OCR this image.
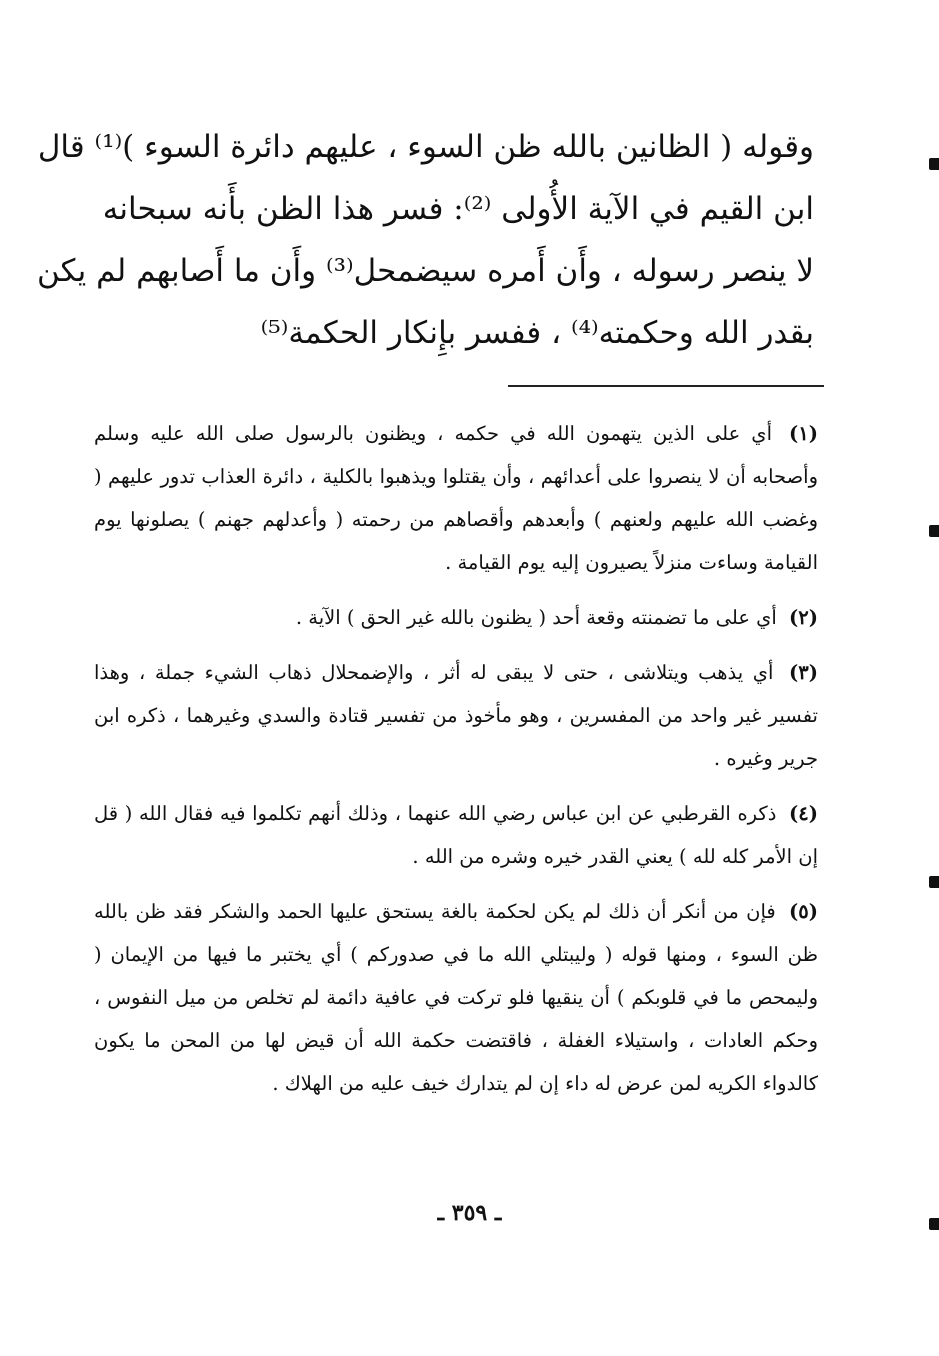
وقوله ( الظانين بالله ظن السوء ، عليهم دائرة السوء )⁽¹⁾ قال
ابن القيم في الآية الأُولى ⁽²⁾: فسر هذا الظن بأَنه سبحانه
لا ينصر رسوله ، وأَن أَمره سيضمحل⁽³⁾ وأَن ما أَصابهم لم يكن
بقدر الله وحكمته⁽⁴⁾ ، ففسر بإِنكار الحكمة⁽⁵⁾

(١) أي على الذين يتهمون الله في حكمه ، ويظنون بالرسول صلى الله عليه وسلم وأصحابه أن لا ينصروا على أعدائهم ، وأن يقتلوا ويذهبوا بالكلية ، دائرة العذاب تدور عليهم ( وغضب الله عليهم ولعنهم ) وأبعدهم وأقصاهم من رحمته ( وأعدلهم جهنم ) يصلونها يوم القيامة وساءت منزلاً يصيرون إليه يوم القيامة .

(٢) أي على ما تضمنته وقعة أحد ( يظنون بالله غير الحق ) الآية .

(٣) أي يذهب ويتلاشى ، حتى لا يبقى له أثر ، والإضمحلال ذهاب الشيء جملة ، وهذا تفسير غير واحد من المفسرين ، وهو مأخوذ من تفسير قتادة والسدي وغيرهما ، ذكره ابن جرير وغيره .

(٤) ذكره القرطبي عن ابن عباس رضي الله عنهما ، وذلك أنهم تكلموا فيه فقال الله ( قل إن الأمر كله لله ) يعني القدر خيره وشره من الله .

(٥) فإن من أنكر أن ذلك لم يكن لحكمة بالغة يستحق عليها الحمد والشكر فقد ظن بالله ظن السوء ، ومنها قوله ( وليبتلي الله ما في صدوركم ) أي يختبر ما فيها من الإيمان ( وليمحص ما في قلوبكم ) أن ينقيها فلو تركت في عافية دائمة لم تخلص من ميل النفوس ، وحكم العادات ، واستيلاء الغفلة ، فاقتضت حكمة الله أن قيض لها من المحن ما يكون كالدواء الكريه لمن عرض له داء إن لم يتدارك خيف عليه من الهلاك .

ـ ٣٥٩ ـ
